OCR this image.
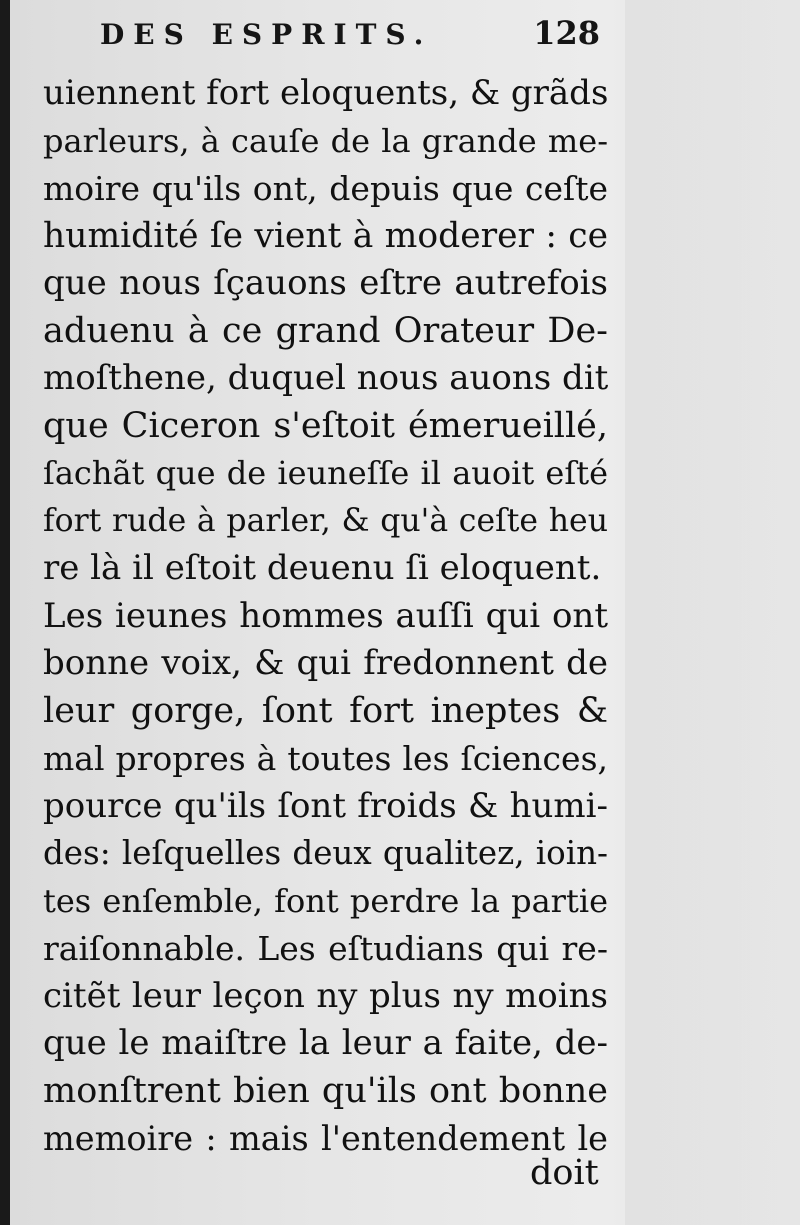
DES ESPRITS.	128
uiennent fort eloquents, & grãds
parleurs, à cauſe de la grande me-
moire qu'ils ont, depuis que ceſte
humidité ſe vient à moderer : ce
que nous ſçauons eſtre autrefois
aduenu à ce grand Orateur De-
moſthene, duquel nous auons dit
que Ciceron s'eſtoit émerueillé,
ſachãt que de ieuneſſe il auoit eſté
fort rude à parler, & qu'à ceſte heu
re là il eſtoit deuenu ſi eloquent.
Les ieunes hommes auſſi qui ont
bonne voix, & qui fredonnent de
leur gorge, ſont fort ineptes &
mal propres à toutes les ſciences,
pource qu'ils ſont froids & humi-
des: leſquelles deux qualitez, ioin-
tes enſemble, font perdre la partie
raiſonnable. Les eſtudians qui re-
citẽt leur leçon ny plus ny moins
que le maiſtre la leur a faite, de-
monſtrent bien qu'ils ont bonne
memoire : mais l'entendement le
doit
